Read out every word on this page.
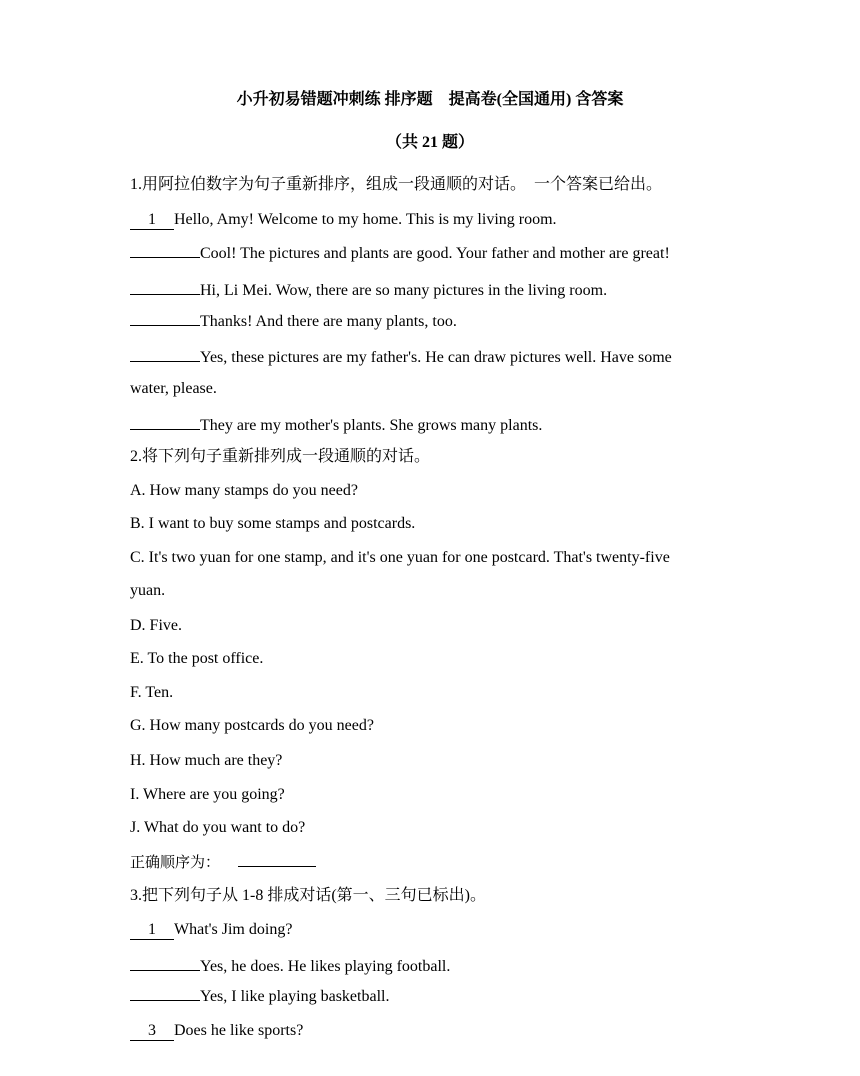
小升初易错题冲刺练 排序题　提高卷(全国通用) 含答案
（共 21 题）
1.用阿拉伯数字为句子重新排序，组成一段通顺的对话。　一个答案已给出。
1 Hello, Amy! Welcome to my home. This is my living room.
Cool! The pictures and plants are good. Your father and mother are great!
Hi, Li Mei. Wow, there are so many pictures in the living room.
Thanks! And there are many plants, too.
Yes, these pictures are my father's. He can draw pictures well. Have some
water, please.
They are my mother's plants. She grows many plants.
2.将下列句子重新排列成一段通顺的对话。
A. How many stamps do you need?
B. I want to buy some stamps and postcards.
C. It's two yuan for one stamp, and it's one yuan for one postcard. That's twenty-five
yuan.
D. Five.
E. To the post office.
F. Ten.
G. How many postcards do you need?
H. How much are they?
I. Where are you going?
J. What do you want to do?
正确顺序为：
3.把下列句子从 1-8 排成对话(第一、三句已标出)。
1 What's Jim doing?
Yes, he does. He likes playing football.
Yes, I like playing basketball.
3 Does he like sports?
